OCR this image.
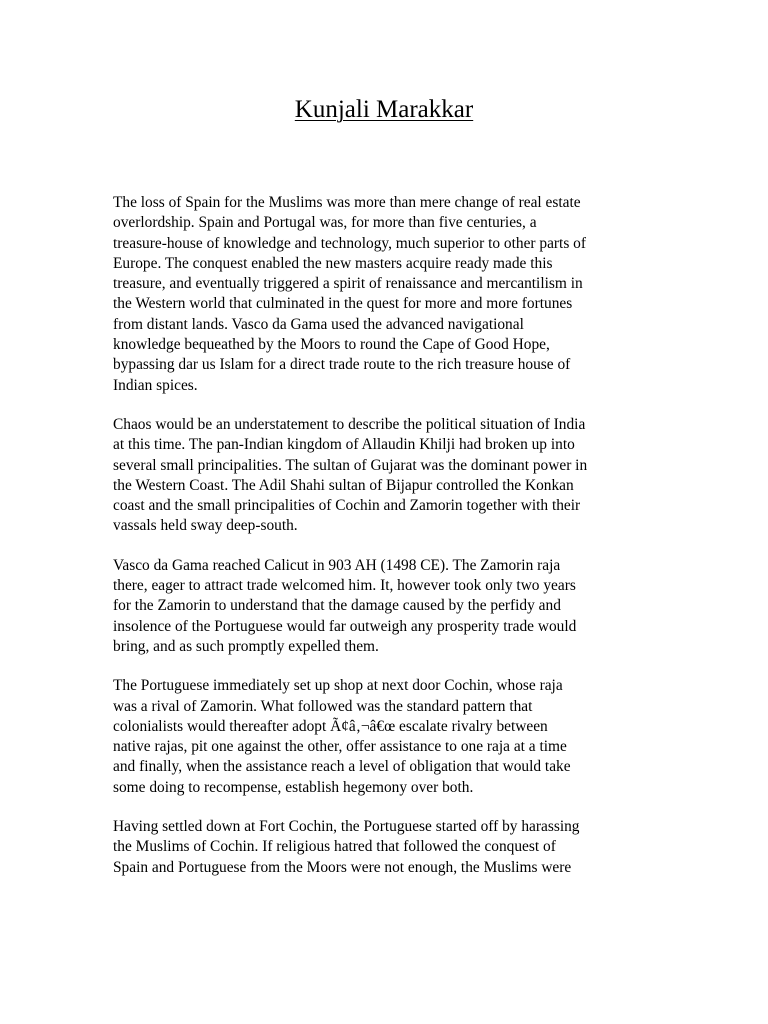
Kunjali Marakkar

The loss of Spain for the Muslims was more than mere change of real estate
overlordship. Spain and Portugal was, for more than five centuries, a
treasure-house of knowledge and technology, much superior to other parts of
Europe. The conquest enabled the new masters acquire ready made this
treasure, and eventually triggered a spirit of renaissance and mercantilism in
the Western world that culminated in the quest for more and more fortunes
from distant lands. Vasco da Gama used the advanced navigational
knowledge bequeathed by the Moors to round the Cape of Good Hope,
bypassing dar us Islam for a direct trade route to the rich treasure house of
Indian spices.

Chaos would be an understatement to describe the political situation of India
at this time. The pan-Indian kingdom of Allaudin Khilji had broken up into
several small principalities. The sultan of Gujarat was the dominant power in
the Western Coast. The Adil Shahi sultan of Bijapur controlled the Konkan
coast and the small principalities of Cochin and Zamorin together with their
vassals held sway deep-south.

Vasco da Gama reached Calicut in 903 AH (1498 CE). The Zamorin raja
there, eager to attract trade welcomed him. It, however took only two years
for the Zamorin to understand that the damage caused by the perfidy and
insolence of the Portuguese would far outweigh any prosperity trade would
bring, and as such promptly expelled them.

The Portuguese immediately set up shop at next door Cochin, whose raja
was a rival of Zamorin. What followed was the standard pattern that
colonialists would thereafter adopt Ã¢â‚¬â€œ escalate rivalry between
native rajas, pit one against the other, offer assistance to one raja at a time
and finally, when the assistance reach a level of obligation that would take
some doing to recompense, establish hegemony over both.

Having settled down at Fort Cochin, the Portuguese started off by harassing
the Muslims of Cochin. If religious hatred that followed the conquest of
Spain and Portuguese from the Moors were not enough, the Muslims were
